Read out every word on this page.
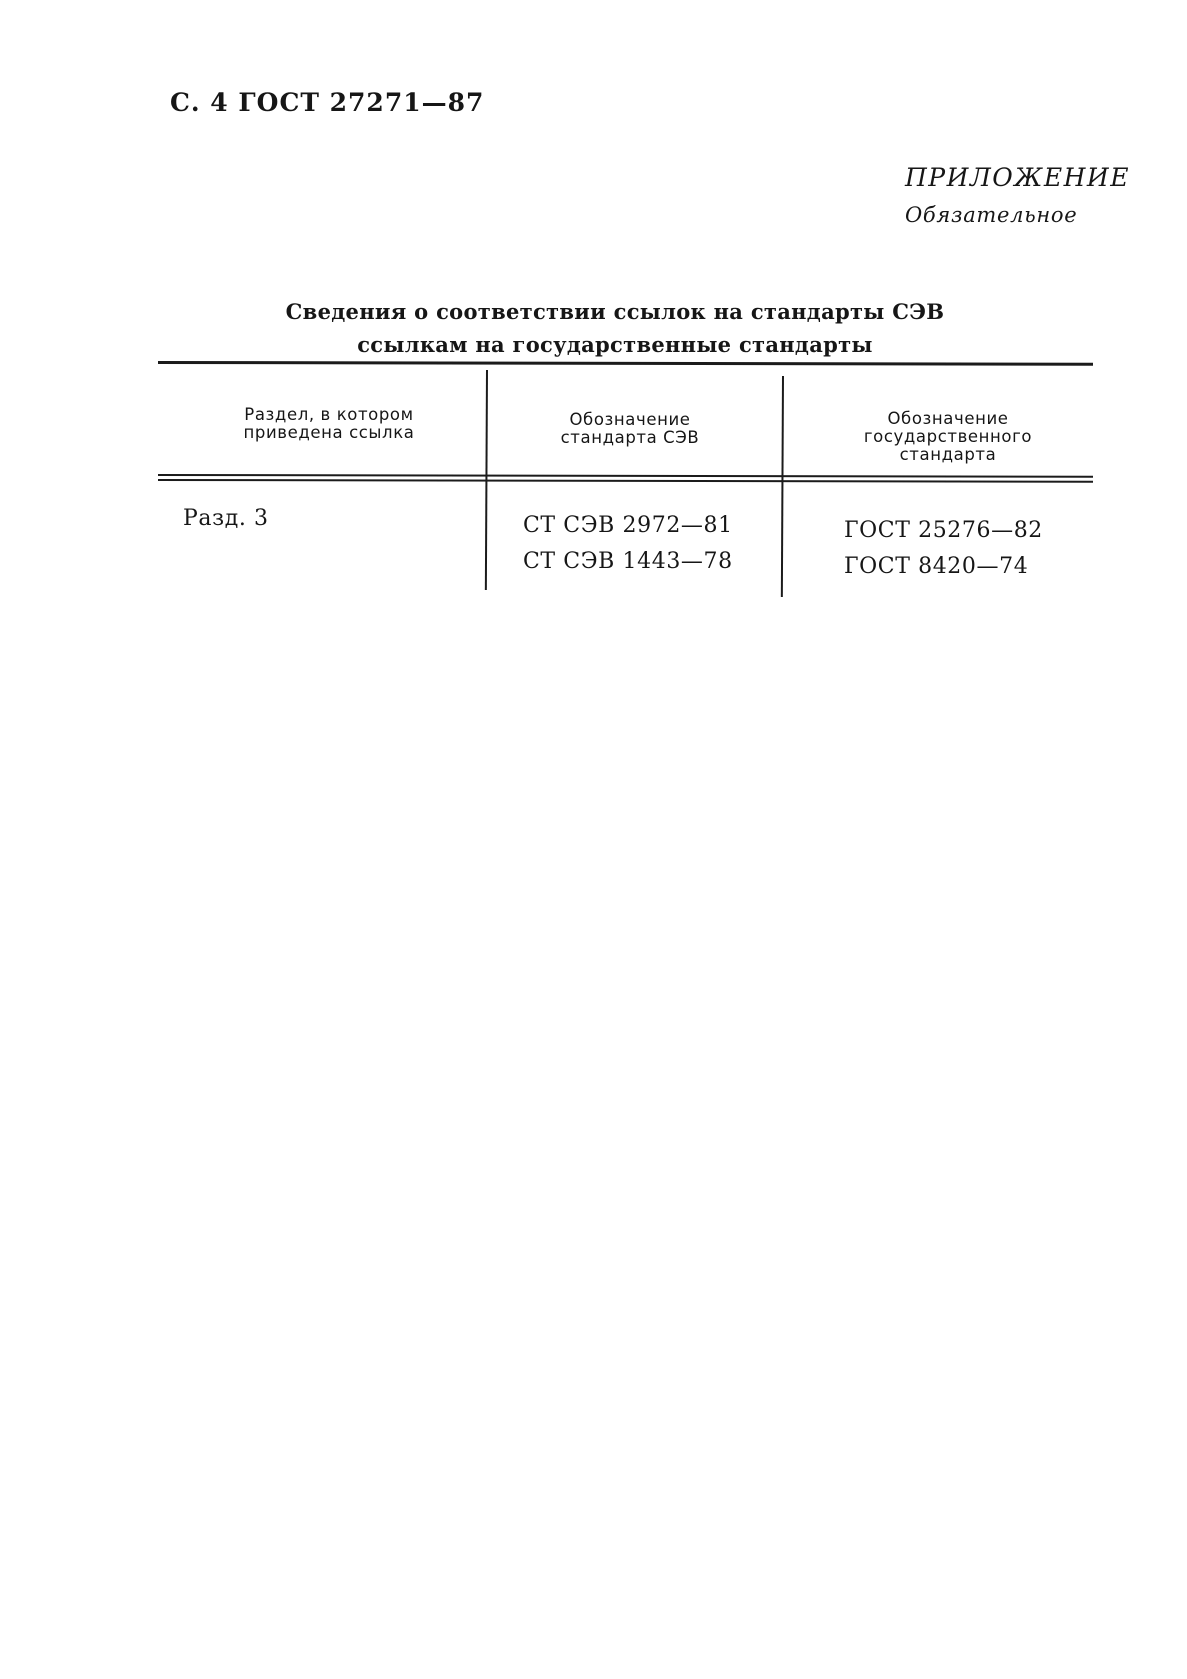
С. 4 ГОСТ 27271—87
ПРИЛОЖЕНИЕ
Обязательное
Сведения о соответствии ссылок на стандарты СЭВ
ссылкам на государственные стандарты
Раздел, в котором
приведена ссылка
Обозначение
стандарта СЭВ
Обозначение
государственного
стандарта
Разд. 3	СТ СЭВ 2972—81
СТ СЭВ 1443—78
ГОСТ 25276—82
ГОСТ 8420—74
